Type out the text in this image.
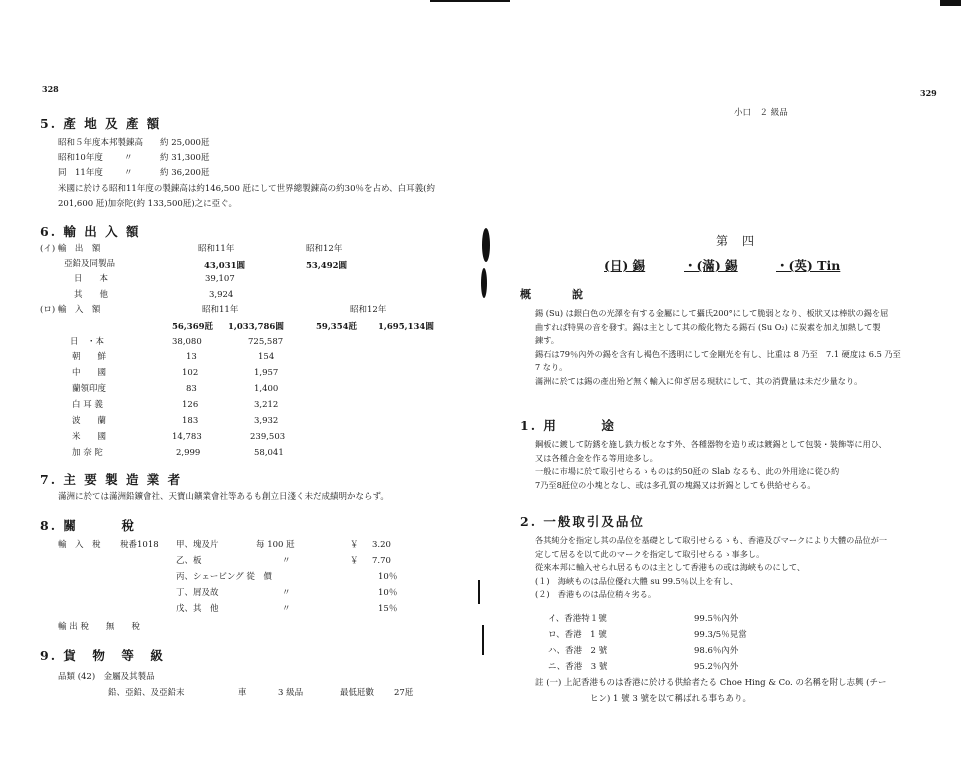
328
5. 產 地 及 產 額
昭和５年度本邦製錬高 約 25,000瓩
昭和10年度 〃	約 31,300瓩
同　11年度 〃	約 36,200瓩
米國に於ける昭和11年度の製錬高は約146,500 瓩にして世界總製錬高の約30％を占め、白耳義(約
201,600 瓩)加奈陀(約 133,500瓩)之に亞ぐ。
6. 輸 出 入 額
(イ) 輸　出　額	昭和11年	昭和12年
亞鉛及同製品	43,031圓	53,492圓
日　　本	39,107
其　　他	3,924
(ロ) 輸　入　額	昭和11年	昭和12年
56,369瓩 1,033,786圓	59,354瓩 1,695,134圓
日　・本	38,080	725,587
朝　　鮮	13	154
中　　國	102	1,957
蘭領印度	83	1,400
白 耳 義	126	3,212
波　　蘭	183	3,932
米　　國	14,783	239,503
加 奈 陀	2,999	58,041
7. 主 要 製 造 業 者
滿洲に於ては滿洲鉛鑛會社、天寶山鑛業會社等あるも創立日淺く未だ成績明かならず。
8. 關　　　稅
輸　入　稅 稅番1018 甲、塊及片	每 100 瓩	￥ 3.20
乙、板	〃	￥ 7.70
丙、シェービング 從　價	10％
丁、屑及故	〃	10％
戊、其　他	〃	15％
輸 出 稅　　無　　稅
9. 貨　物　等　級
品類 (42)　金屬及其製品
鉛、亞鉛、及亞鉛末	車	3 級品	最低瓩數 27瓩
329
小口　２ 級品
第　四
(日) 錫	・(滿) 錫	・(英) Tin
概　　　說

錫 (Su) は銀白色の光澤を有する金屬にして攝氏200°にして脆弱となり、板狀又は棒狀の錫を屈

曲すれば特異の音を發す。錫は主として其の酸化物たる錫石 (Su O₂) に炭素を加え加熱して製

錬す。

錫石は79％內外の錫を含有し褐色不透明にして金剛光を有し、比重は 8 乃至　7.1 硬度は 6.5 乃至

7 なり。

滿洲に於ては錫の產出殆ど無く輸入に仰ぎ居る現狀にして、其の消費量は未だ少量なり。

1. 用　　　途

鋼板に鍍して防銹を施し鉄力板となす外、各種器物を造り或は鍍錫として包裝・裝飾等に用ひ、

又は各種合金を作る等用途多し。

一般に市場に於て取引せらるゝものは約50瓩の Slab なるも、此の外用途に從ひ約

7乃至8瓩位の小塊となし、或は多孔質の塊錫又は折錫としても供給せらる。

2. 一般取引及品位

各其純分を指定し其の品位を基礎として取引せらるゝも、香港及びマークにより大體の品位が一

定して居るを以て此のマークを指定して取引せらるゝ事多し。

從來本邦に輸入せられ居るものは主として香港もの或は海峽ものにして、

(１)　海峽ものは品位優れ大體 su 99.5％以上を有し、

(２)　香港ものは品位稍々劣る。

イ、香港特１號	99.5％內外
ロ、香港　1 號	99.3/5％見當
ハ、香港　2 號	98.6％內外
ニ、香港　3 號	95.2％內外
註 (一) 上記香港ものは香港に於ける供給者たる Choe Hing & Co. の名稱を附し志興 (チー
ヒン) 1 號 3 號を以て稱ばれる事ちあり。
